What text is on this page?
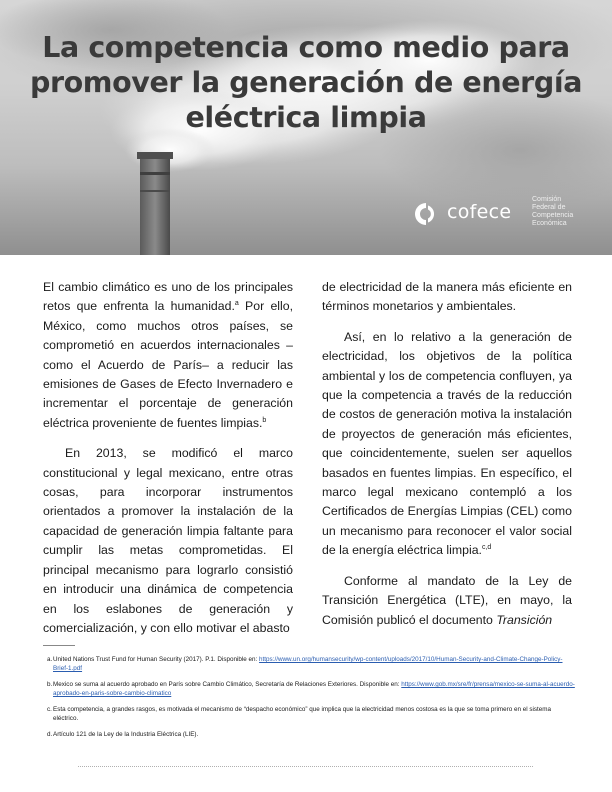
La competencia como medio para
promover la generación de energía
eléctrica limpia
cofece
Comisión
Federal de
Competencia
Económica

El cambio climático es uno de los principales retos que enfrenta la humanidad.$^a$ Por ello, México, como muchos otros países, se comprometió en acuerdos internacionales –como el Acuerdo de París– a reducir las emisiones de Gases de Efecto Invernadero e incrementar el porcentaje de generación eléctrica proveniente de fuentes limpias.$^b$

En 2013, se modificó el marco constitucional y legal mexicano, entre otras cosas, para incorporar instrumentos orientados a promover la instalación de la capacidad de generación limpia faltante para cumplir las metas comprometidas. El principal mecanismo para lograrlo consistió en introducir una dinámica de competencia en los eslabones de generación y comercialización, y con ello motivar el abasto

de electricidad de la manera más eficiente en términos monetarios y ambientales.

Así, en lo relativo a la generación de electricidad, los objetivos de la política ambiental y los de competencia confluyen, ya que la competencia a través de la reducción de costos de generación motiva la instalación de proyectos de generación más eficientes, que coincidentemente, suelen ser aquellos basados en fuentes limpias. En específico, el marco legal mexicano contempló a los Certificados de Energías Limpias (CEL) como un mecanismo para reconocer el valor social de la energía eléctrica limpia.$^{c,d}$

Conforme al mandato de la Ley de Transición Energética (LTE), en mayo, la Comisión publicó el documento Transición

a. United Nations Trust Fund for Human Security (2017). P.1. Disponible en: https://www.un.org/humansecurity/wp-content/uploads/2017/10/Human-Security-and-Climate-Change-Policy-Brief-1.pdf
b. Mexico se suma al acuerdo aprobado en París sobre Cambio Climático, Secretaría de Relaciones Exteriores. Disponible en: https://www.gob.mx/sre/fr/prensa/mexico-se-suma-al-acuerdo-aprobado-en-paris-sobre-cambio-climatico
c. Esta competencia, a grandes rasgos, es motivada el mecanismo de “despacho económico” que implica que la electricidad menos costosa es la que se toma primero en el sistema eléctrico.
d. Artículo 121 de la Ley de la Industria Eléctrica (LIE).
